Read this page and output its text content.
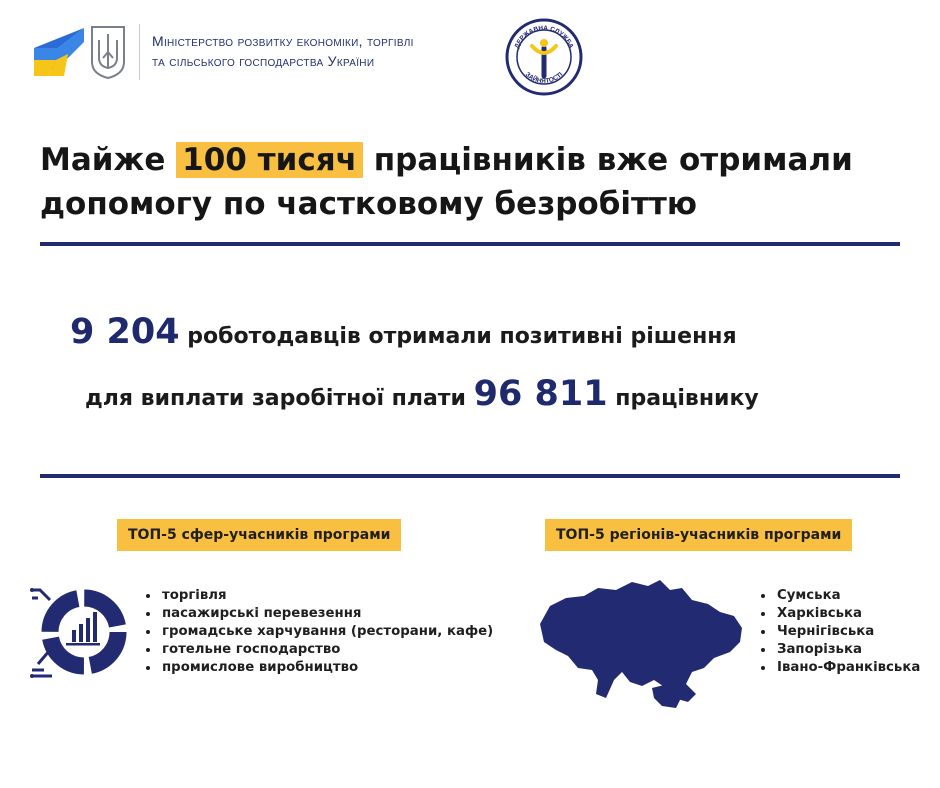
Міністерство розвитку економіки, торгівлі
та сільського господарства України
ДЕРЖАВНА СЛУЖБА
ЗАЙНЯТОСТІ
Майже 100 тисяч працівників вже отримали
допомогу по частковому безробіттю
9 204 роботодавців отримали позитивні рішення
для виплати заробітної плати 96 811 працівнику
ТОП-5 сфер-учасників програми
• торгівля
• пасажирські перевезення
• громадське харчування (ресторани, кафе)
• готельне господарство
• промислове виробництво
ТОП-5 регіонів-учасників програми
• Сумська
• Харківська
• Чернігівська
• Запорізька
• Івано-Франківська
